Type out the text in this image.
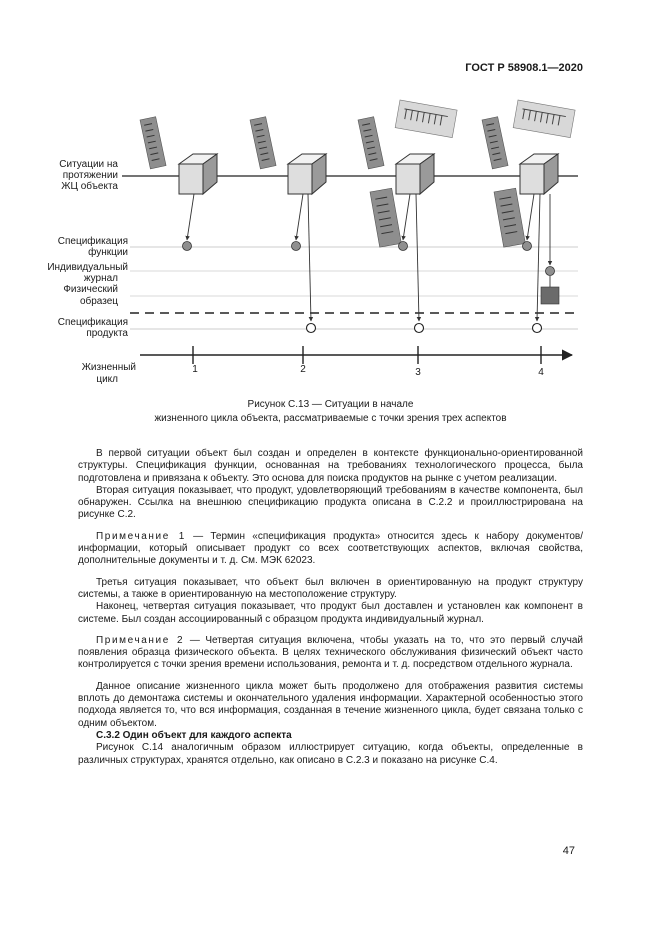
ГОСТ Р 58908.1—2020
Ситуации на
протяжении
ЖЦ объекта
Спецификация
функции
Индивидуальный
журнал
Физический
образец
Спецификация
продукта
Жизненный
цикл
1	2	3	4
Рисунок С.13 — Ситуации в начале
жизненного цикла объекта, рассматриваемые с точки зрения трех аспектов

В первой ситуации объект был создан и определен в контексте функционально-ориентированной структуры. Спецификация функции, основанная на требованиях технологического процесса, была подготовлена и привязана к объекту. Это основа для поиска продуктов на рынке с учетом реализации.

Вторая ситуация показывает, что продукт, удовлетворяющий требованиям в качестве компонента, был обнаружен. Ссылка на внешнюю спецификацию продукта описана в С.2.2 и проиллюстрирована на рисунке С.2.

Примечание 1 — Термин «спецификация продукта» относится здесь к набору документов/информации, который описывает продукт со всех соответствующих аспектов, включая свойства, дополнительные документы и т. д. См. МЭК 62023.

Третья ситуация показывает, что объект был включен в ориентированную на продукт структуру системы, а также в ориентированную на местоположение структуру.

Наконец, четвертая ситуация показывает, что продукт был доставлен и установлен как компонент в системе. Был создан ассоциированный с образцом продукта индивидуальный журнал.

Примечание 2 — Четвертая ситуация включена, чтобы указать на то, что это первый случай появления образца физического объекта. В целях технического обслуживания физический объект часто контролируется с точки зрения времени использования, ремонта и т. д. посредством отдельного журнала.

Данное описание жизненного цикла может быть продолжено для отображения развития системы вплоть до демонтажа системы и окончательного удаления информации. Характерной особенностью этого подхода является то, что вся информация, созданная в течение жизненного цикла, будет связана только с одним объектом.

С.3.2 Один объект для каждого аспекта

Рисунок С.14 аналогичным образом иллюстрирует ситуацию, когда объекты, определенные в различных структурах, хранятся отдельно, как описано в С.2.3 и показано на рисунке С.4.

47
